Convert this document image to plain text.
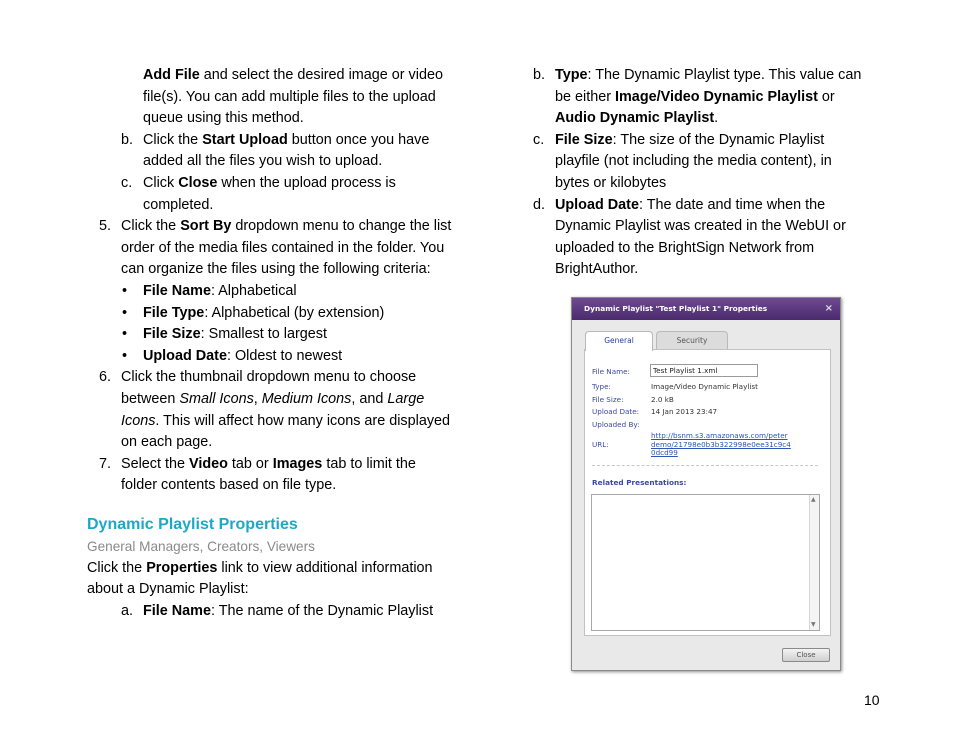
Add File and select the desired image or video
file(s). You can add multiple files to the upload
queue using this method.
b. Click the Start Upload button once you have
added all the files you wish to upload.
c. Click Close when the upload process is
completed.
5. Click the Sort By dropdown menu to change the list
order of the media files contained in the folder. You
can organize the files using the following criteria:
• File Name: Alphabetical
• File Type: Alphabetical (by extension)
• File Size: Smallest to largest
• Upload Date: Oldest to newest
6. Click the thumbnail dropdown menu to choose
between Small Icons, Medium Icons, and Large
Icons. This will affect how many icons are displayed
on each page.
7. Select the Video tab or Images tab to limit the
folder contents based on file type.
Dynamic Playlist Properties
General Managers, Creators, Viewers
Click the Properties link to view additional information
about a Dynamic Playlist:
a. File Name: The name of the Dynamic Playlist
b. Type: The Dynamic Playlist type. This value can
be either Image/Video Dynamic Playlist or
Audio Dynamic Playlist.
c. File Size: The size of the Dynamic Playlist
playfile (not including the media content), in
bytes or kilobytes
d. Upload Date: The date and time when the
Dynamic Playlist was created in the WebUI or
uploaded to the BrightSign Network from
BrightAuthor.
Dynamic Playlist "Test Playlist 1" Properties	×
General	Security
File Name:	Test Playlist 1.xml
Type:	Image/Video Dynamic Playlist
File Size:	2.0 kB
Upload Date: 14 Jan 2013 23:47
Uploaded By:
URL:
http://bsnm.s3.amazonaws.com/peter
demo/21798e0b3b322998e0ee31c9c4
0dcd99
Related Presentations:
▲
▼
Close
10
